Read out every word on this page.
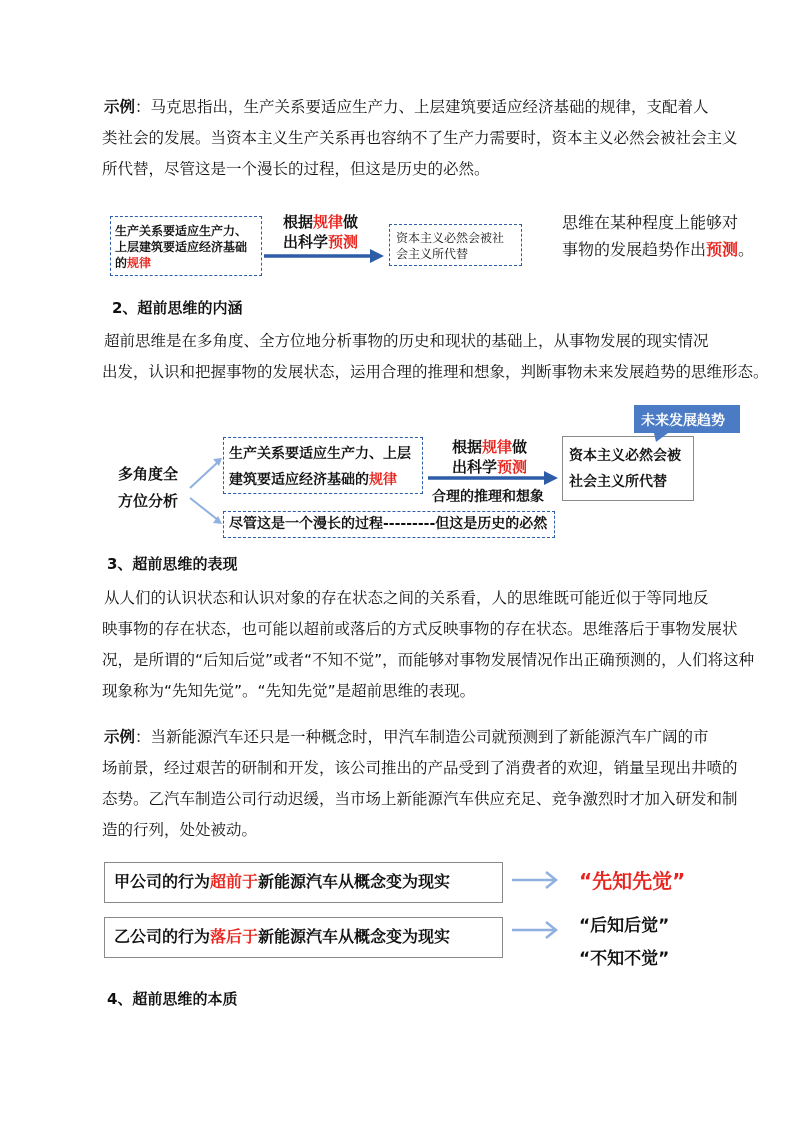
示例：马克思指出，生产关系要适应生产力、上层建筑要适应经济基础的规律，支配着人
类社会的发展。当资本主义生产关系再也容纳不了生产力需要时，资本主义必然会被社会主义
所代替，尽管这是一个漫长的过程，但这是历史的必然。
生产关系要适应生产力、上层建筑要适应经济基础的规律
根据规律做
出科学预测	资本主义必然会被社会主义所代替
思维在某种程度上能够对
事物的发展趋势作出预测。
2、超前思维的内涵
超前思维是在多角度、全方位地分析事物的历史和现状的基础上，从事物发展的现实情况
出发，认识和把握事物的发展状态，运用合理的推理和想象，判断事物未来发展趋势的思维形态。
多角度全
方位分析
生产关系要适应生产力、上层
建筑要适应经济基础的规律
尽管这是一个漫长的过程---------但这是历史的必然
根据规律做
出科学预测
合理的推理和想象
资本主义必然会被
社会主义所代替
未来发展趋势
3、超前思维的表现
从人们的认识状态和认识对象的存在状态之间的关系看，人的思维既可能近似于等同地反
映事物的存在状态，也可能以超前或落后的方式反映事物的存在状态。思维落后于事物发展状
况，是所谓的“后知后觉”或者“不知不觉”，而能够对事物发展情况作出正确预测的，人们将这种
现象称为“先知先觉”。“先知先觉”是超前思维的表现。
示例：当新能源汽车还只是一种概念时，甲汽车制造公司就预测到了新能源汽车广阔的市
场前景，经过艰苦的研制和开发，该公司推出的产品受到了消费者的欢迎，销量呈现出井喷的
态势。乙汽车制造公司行动迟缓，当市场上新能源汽车供应充足、竞争激烈时才加入研发和制
造的行列，处处被动。
甲公司的行为超前于新能源汽车从概念变为现实	“先知先觉”
乙公司的行为落后于新能源汽车从概念变为现实
“后知后觉”
“不知不觉”
4、超前思维的本质
